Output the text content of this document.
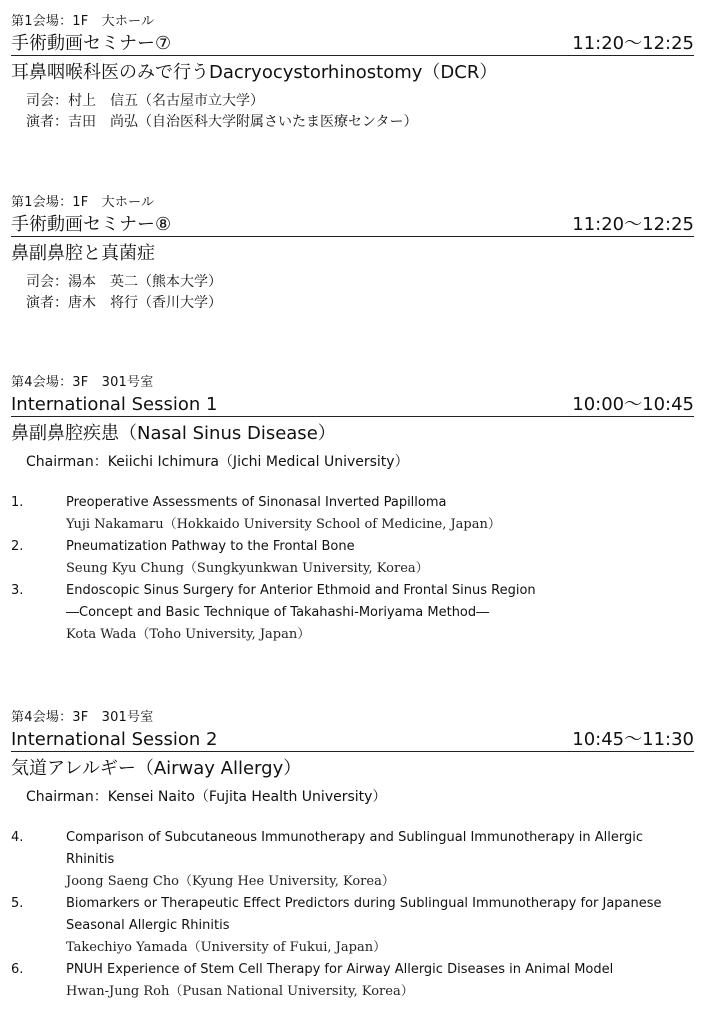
第1会場：1F　大ホール
手術動画セミナー⑦	11:20～12:25
耳鼻咽喉科医のみで行うDacryocystorhinostomy（DCR）
司会：村上　信五（名古屋市立大学）
演者：吉田　尚弘（自治医科大学附属さいたま医療センター）
第1会場：1F　大ホール
手術動画セミナー⑧	11:20～12:25
鼻副鼻腔と真菌症
司会：湯本　英二（熊本大学）
演者：唐木　将行（香川大学）
第4会場：3F　301号室
International Session 1	10:00～10:45
鼻副鼻腔疾患（Nasal Sinus Disease）
Chairman：Keiichi Ichimura（Jichi Medical University）
1.	Preoperative Assessments of Sinonasal Inverted Papilloma
Yuji Nakamaru（Hokkaido University School of Medicine, Japan）
2.	Pneumatization Pathway to the Frontal Bone
Seung Kyu Chung（Sungkyunkwan University, Korea）
3.	Endoscopic Sinus Surgery for Anterior Ethmoid and Frontal Sinus Region
―Concept and Basic Technique of Takahashi-Moriyama Method―
Kota Wada（Toho University, Japan）
第4会場：3F　301号室
International Session 2	10:45～11:30
気道アレルギー（Airway Allergy）
Chairman：Kensei Naito（Fujita Health University）
4.	Comparison of Subcutaneous Immunotherapy and Sublingual Immunotherapy in Allergic Rhinitis
Joong Saeng Cho（Kyung Hee University, Korea）
5.	Biomarkers or Therapeutic Effect Predictors during Sublingual Immunotherapy for Japanese
Seasonal Allergic Rhinitis
Takechiyo Yamada（University of Fukui, Japan）
6.	PNUH Experience of Stem Cell Therapy for Airway Allergic Diseases in Animal Model
Hwan-Jung Roh（Pusan National University, Korea）
